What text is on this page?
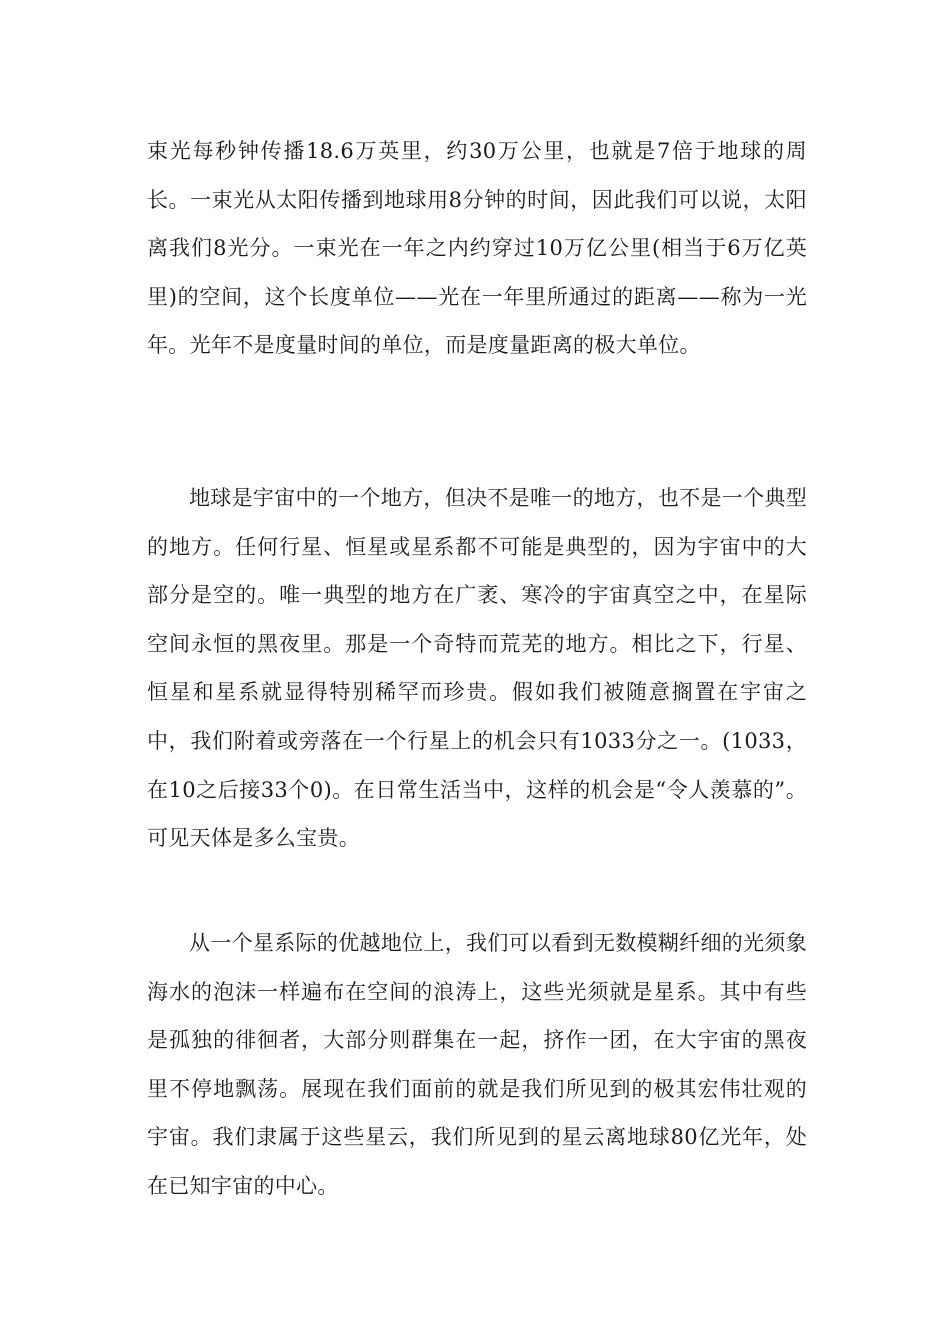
束光每秒钟传播18.6万英里，约30万公里，也就是7倍于地球的周长。一束光从太阳传播到地球用8分钟的时间，因此我们可以说，太阳离我们8光分。一束光在一年之内约穿过10万亿公里(相当于6万亿英里)的空间，这个长度单位——光在一年里所通过的距离——称为一光年。光年不是度量时间的单位，而是度量距离的极大单位。

地球是宇宙中的一个地方，但决不是唯一的地方，也不是一个典型的地方。任何行星、恒星或星系都不可能是典型的，因为宇宙中的大部分是空的。唯一典型的地方在广袤、寒冷的宇宙真空之中，在星际空间永恒的黑夜里。那是一个奇特而荒芜的地方。相比之下，行星、恒星和星系就显得特别稀罕而珍贵。假如我们被随意搁置在宇宙之中，我们附着或旁落在一个行星上的机会只有1033分之一。(1033，在10之后接33个0)。在日常生活当中，这样的机会是“令人羡慕的”。可见天体是多么宝贵。

从一个星系际的优越地位上，我们可以看到无数模糊纤细的光须象海水的泡沫一样遍布在空间的浪涛上，这些光须就是星系。其中有些是孤独的徘徊者，大部分则群集在一起，挤作一团，在大宇宙的黑夜里不停地飘荡。展现在我们面前的就是我们所见到的极其宏伟壮观的宇宙。我们隶属于这些星云，我们所见到的星云离地球80亿光年，处在已知宇宙的中心。
